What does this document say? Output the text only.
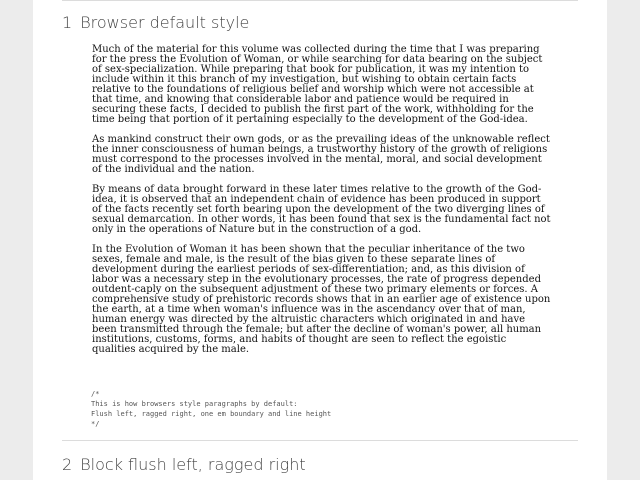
1 Browser default style

Much of the material for this volume was collected during the time that I was preparing for the press the Evolution of Woman, or while searching for data bearing on the subject of sex-specialization. While preparing that book for publication, it was my intention to include within it this branch of my investigation, but wishing to obtain certain facts relative to the foundations of religious belief and worship which were not accessible at that time, and knowing that considerable labor and patience would be required in securing these facts, I decided to publish the first part of the work, withholding for the time being that portion of it pertaining especially to the development of the God-idea.

As mankind construct their own gods, or as the prevailing ideas of the unknowable reflect the inner consciousness of human beings, a trustworthy history of the growth of religions must correspond to the processes involved in the mental, moral, and social development of the individual and the nation.

By means of data brought forward in these later times relative to the growth of the God-idea, it is observed that an independent chain of evidence has been produced in support of the facts recently set forth bearing upon the development of the two diverging lines of sexual demarcation. In other words, it has been found that sex is the fundamental fact not only in the operations of Nature but in the construction of a god.

In the Evolution of Woman it has been shown that the peculiar inheritance of the two sexes, female and male, is the result of the bias given to these separate lines of development during the earliest periods of sex-differentiation; and, as this division of labor was a necessary step in the evolutionary processes, the rate of progress depended outdent-caply on the subsequent adjustment of these two primary elements or forces. A comprehensive study of prehistoric records shows that in an earlier age of existence upon the earth, at a time when woman's influence was in the ascendancy over that of man, human energy was directed by the altruistic characters which originated in and have been transmitted through the female; but after the decline of woman's power, all human institutions, customs, forms, and habits of thought are seen to reflect the egoistic qualities acquired by the male.

/*
This is how browsers style paragraphs by default:
Flush left, ragged right, one em boundary and line height
*/
2 Block flush left, ragged right
